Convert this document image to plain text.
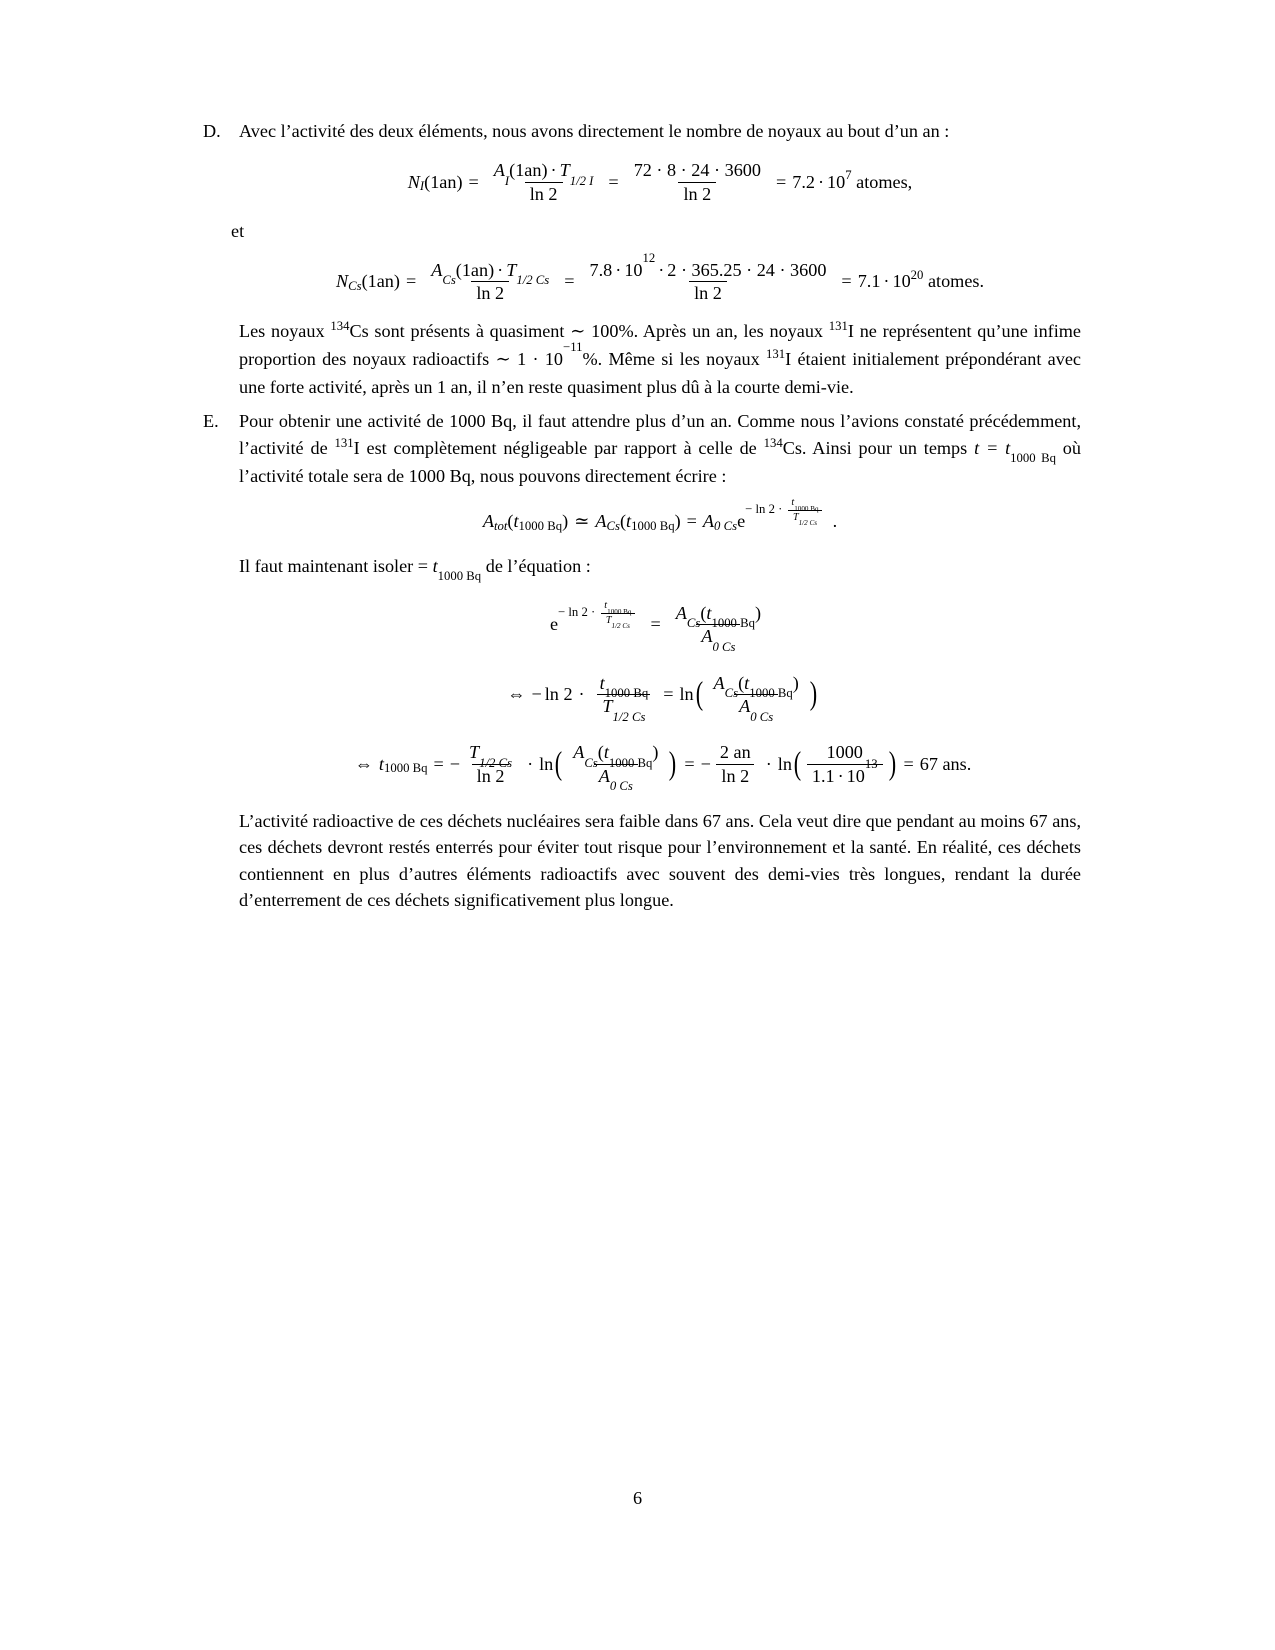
D. Avec l’activité des deux éléments, nous avons directement le nombre de noyaux au bout d’un an :
$N_I$ $(1an) = \frac{A_I(1an) \cdot T_{1/2 I}}{\ln 2} = \frac{72 \cdot 8 \cdot 24 \cdot 3600}{\ln 2} = 7.2 \cdot 10^7$
atomes,
et
$N_{Cs}$ $(1an) = \frac{A_{Cs}(1an) \cdot T_{1/2 Cs}}{\ln 2} = \frac{7.8 \cdot 10^{12}\cdot 2 \cdot 365.25 \cdot 24 \cdot 3600}{\ln 2} = 7.1 \cdot 10^{20}$
atomes.
Les noyaux $^{134}$Cs sont présents à quasiment ∼ 100%. Après un an, les noyaux $^{131}$I ne représentent qu’une infime proportion des noyaux radioactifs ∼ $1 \cdot 10^{-11}\%$. Même si les noyaux $^{131}$I étaient initialement prépondérant avec une forte activité, après un 1 an, il n’en reste quasiment plus dû à la courte demi-vie.
E. Pour obtenir une activité de 1000 Bq, il faut attendre plus d’un an. Comme nous l’avions constaté précédemment, l’activité de $^{131}$I est complètement négligeable par rapport à celle de $^{134}$Cs. Ainsi pour un temps $t = t_{1000 Bq}$ où l’activité totale sera de 1000 Bq, nous pouvons directement écrire :
$A_{tot}$ ( $t_{1000 Bq}$ ) ≃ $A_{Cs}$ ( $t_{1000 Bq}$ ) = $A_{0 Cs}$ e
− $\ln 2 \cdot \frac{t_{1000 Bq}}{T_{1/2 Cs}}$ .
Il faut maintenant isoler = $t_{1000 Bq}$ de l’équation :
e
− $\ln 2 \cdot \frac{t_{1000 Bq}}{T_{1/2 Cs}} = \frac{A_{Cs}(t_{1000 Bq})}{A_{0 Cs}}$
⇔ − ln
$2 \cdot \frac{t_{1000 Bq}}{T_{1/2 Cs}} = \ln$ ( $\frac{A_{Cs}(t_{1000 Bq})}{A_{0 Cs}}$ )
⇔ $t_{1000 Bq}$ = − $\frac{T_{1/2 Cs}}{\ln 2} \cdot \ln$ ( $\frac{A_{Cs}(t_{1000 Bq})}{A_{0 Cs}}$ ) = − $\frac{2 an}{\ln 2} \cdot \ln$ ( $\frac{1000}{1.1 \cdot 10^{13}}$ ) = 67
ans.
L’activité radioactive de ces déchets nucléaires sera faible dans 67 ans. Cela veut dire que pendant au moins 67 ans, ces déchets devront restés enterrés pour éviter tout risque pour l’environnement et la santé. En réalité, ces déchets contiennent en plus d’autres éléments radioactifs avec souvent des demi-vies très longues, rendant la durée d’enterrement de ces déchets significativement plus longue.
6
